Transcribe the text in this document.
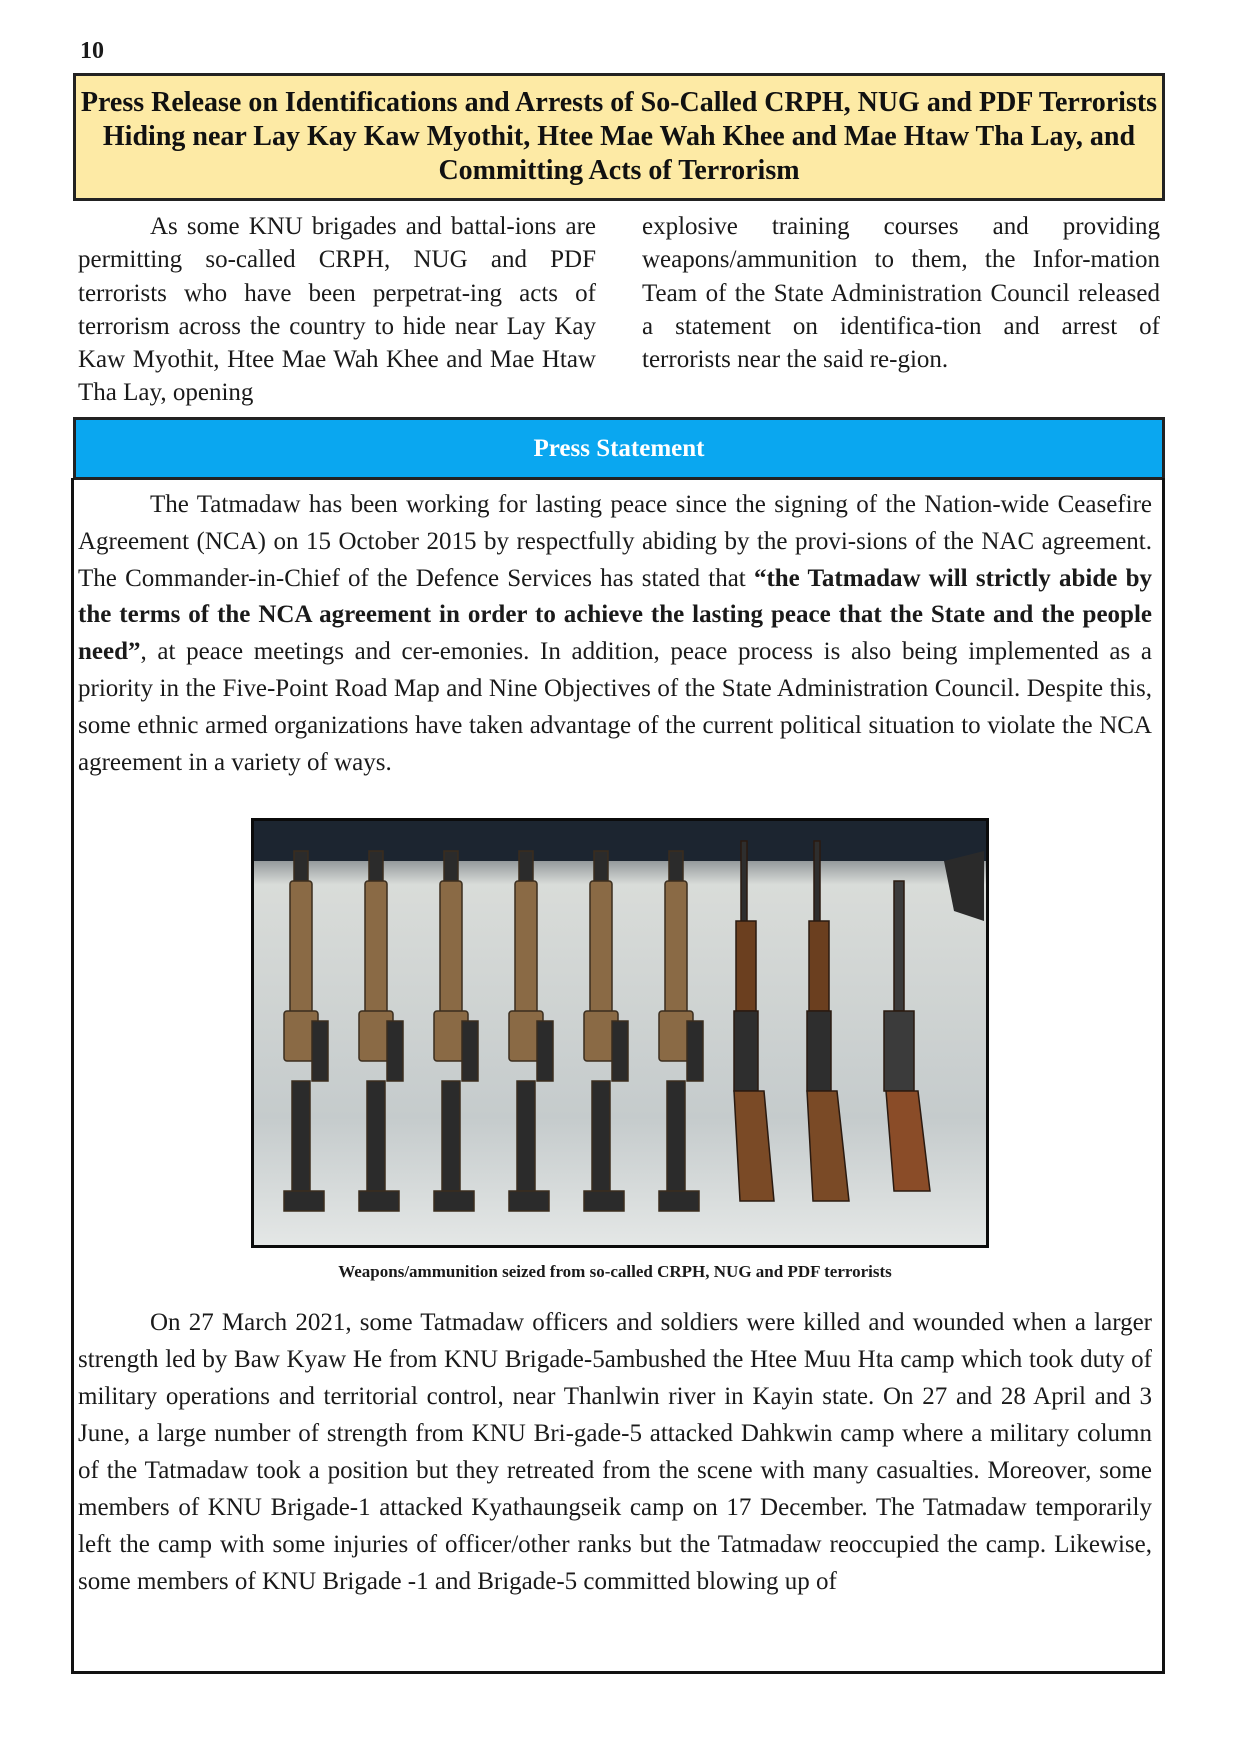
10
Press Release on Identifications and Arrests of So-Called CRPH, NUG and PDF Terrorists Hiding near Lay Kay Kaw Myothit, Htee Mae Wah Khee and Mae Htaw Tha Lay, and Committing Acts of Terrorism

As some KNU brigades and battal-ions are permitting so-called CRPH, NUG and PDF terrorists who have been perpetrat-ing acts of terrorism across the country to hide near Lay Kay Kaw Myothit, Htee Mae Wah Khee and Mae Htaw Tha Lay, opening

explosive training courses and providing weapons/ammunition to them, the Infor-mation Team of the State Administration Council released a statement on identifica-tion and arrest of terrorists near the said re-gion.

Press Statement

The Tatmadaw has been working for lasting peace since the signing of the Nation-wide Ceasefire Agreement (NCA) on 15 October 2015 by respectfully abiding by the provi-sions of the NAC agreement. The Commander-in-Chief of the Defence Services has stated that “the Tatmadaw will strictly abide by the terms of the NCA agreement in order to achieve the lasting peace that the State and the people need”, at peace meetings and cer-emonies. In addition, peace process is also being implemented as a priority in the Five-Point Road Map and Nine Objectives of the State Administration Council. Despite this, some ethnic armed organizations have taken advantage of the current political situation to violate the NCA agreement in a variety of ways.

Weapons/ammunition seized from so-called CRPH, NUG and PDF terrorists

On 27 March 2021, some Tatmadaw officers and soldiers were killed and wounded when a larger strength led by Baw Kyaw He from KNU Brigade-5ambushed the Htee Muu Hta camp which took duty of military operations and territorial control, near Thanlwin river in Kayin state. On 27 and 28 April and 3 June, a large number of strength from KNU Bri-gade-5 attacked Dahkwin camp where a military column of the Tatmadaw took a position but they retreated from the scene with many casualties. Moreover, some members of KNU Brigade-1 attacked Kyathaungseik camp on 17 December. The Tatmadaw temporarily left the camp with some injuries of officer/other ranks but the Tatmadaw reoccupied the camp. Likewise, some members of KNU Brigade -1 and Brigade-5 committed blowing up of
